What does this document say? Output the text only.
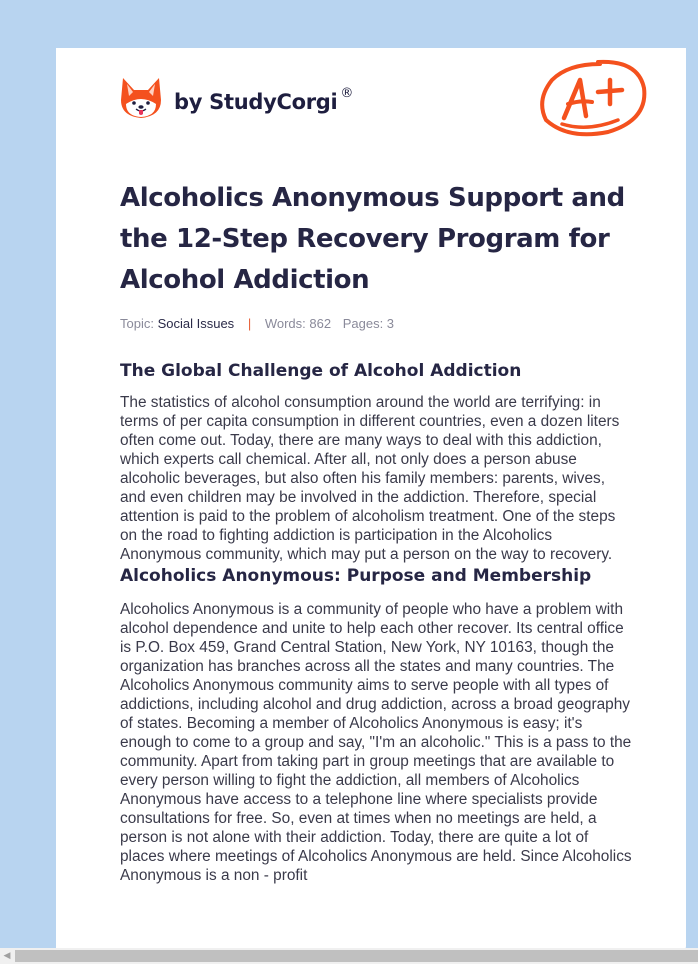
by StudyCorgi ®
Alcoholics Anonymous Support and the 12-Step Recovery Program for Alcohol Addiction
Topic: Social Issues | Words: 862 Pages: 3
The Global Challenge of Alcohol Addiction

The statistics of alcohol consumption around the world are terrifying: in terms of per capita consumption in different countries, even a dozen liters often come out. Today, there are many ways to deal with this addiction, which experts call chemical. After all, not only does a person abuse alcoholic beverages, but also often his family members: parents, wives, and even children may be involved in the addiction. Therefore, special attention is paid to the problem of alcoholism treatment. One of the steps on the road to fighting addiction is participation in the Alcoholics Anonymous community, which may put a person on the way to recovery.

Alcoholics Anonymous: Purpose and Membership

Alcoholics Anonymous is a community of people who have a problem with alcohol dependence and unite to help each other recover. Its central office is P.O. Box 459, Grand Central Station, New York, NY 10163, though the organization has branches across all the states and many countries. The Alcoholics Anonymous community aims to serve people with all types of addictions, including alcohol and drug addiction, across a broad geography of states. Becoming a member of Alcoholics Anonymous is easy; it's enough to come to a group and say, "I'm an alcoholic." This is a pass to the community. Apart from taking part in group meetings that are available to every person willing to fight the addiction, all members of Alcoholics Anonymous have access to a telephone line where specialists provide consultations for free. So, even at times when no meetings are held, a person is not alone with their addiction. Today, there are quite a lot of places where meetings of Alcoholics Anonymous are held. Since Alcoholics Anonymous is a non - profit

◀
